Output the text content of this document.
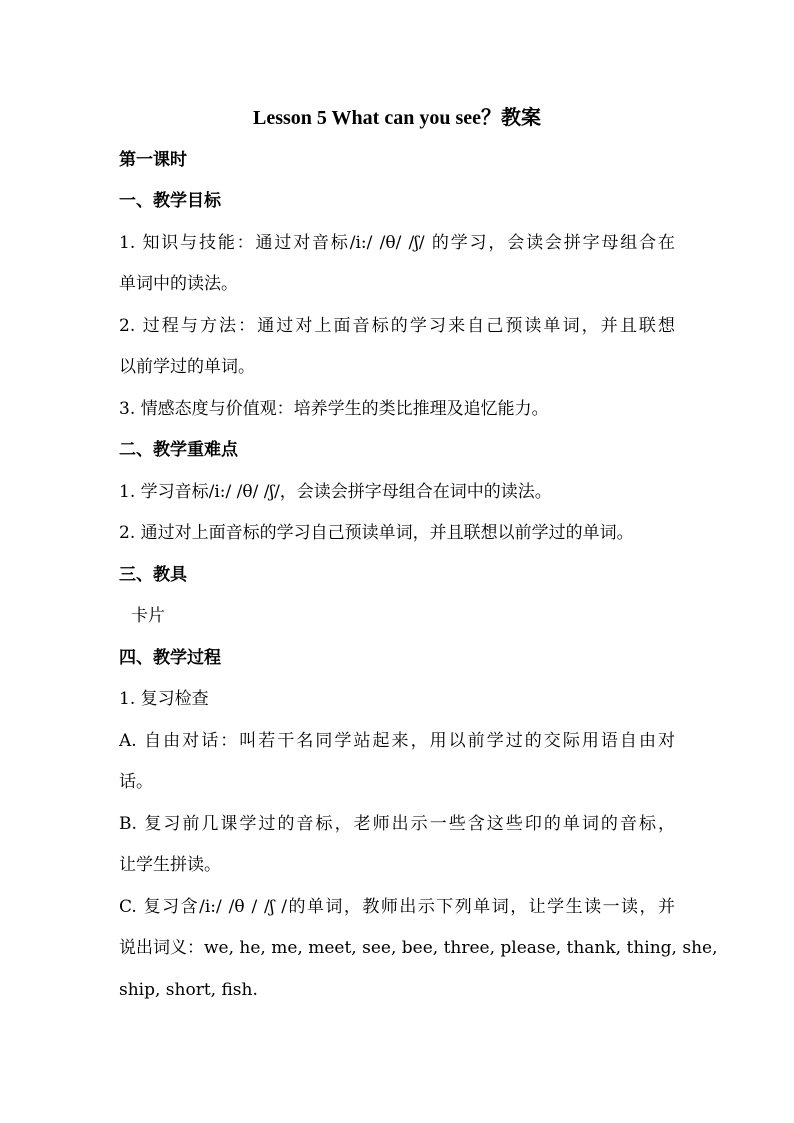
Lesson 5 What can you see？教案
第一课时
一、教学目标
1. 知识与技能：通过对音标/i:/ /θ/ /ʃ/ 的学习，会读会拼字母组合在
单词中的读法。
2. 过程与方法：通过对上面音标的学习来自己预读单词，并且联想
以前学过的单词。
3. 情感态度与价值观：培养学生的类比推理及追忆能力。
二、教学重难点
1. 学习音标/i:/ /θ/ /ʃ/，会读会拼字母组合在词中的读法。
2. 通过对上面音标的学习自己预读单词，并且联想以前学过的单词。
三、教具
卡片
四、教学过程
1. 复习检查
A. 自由对话：叫若干名同学站起来，用以前学过的交际用语自由对
话。
B. 复习前几课学过的音标，老师出示一些含这些印的单词的音标，
让学生拼读。
C. 复习含/i:/ /θ / /ʃ /的单词，教师出示下列单词，让学生读一读，并
说出词义：we, he, me, meet, see, bee, three, please, thank, thing, she,
ship, short, fish.
